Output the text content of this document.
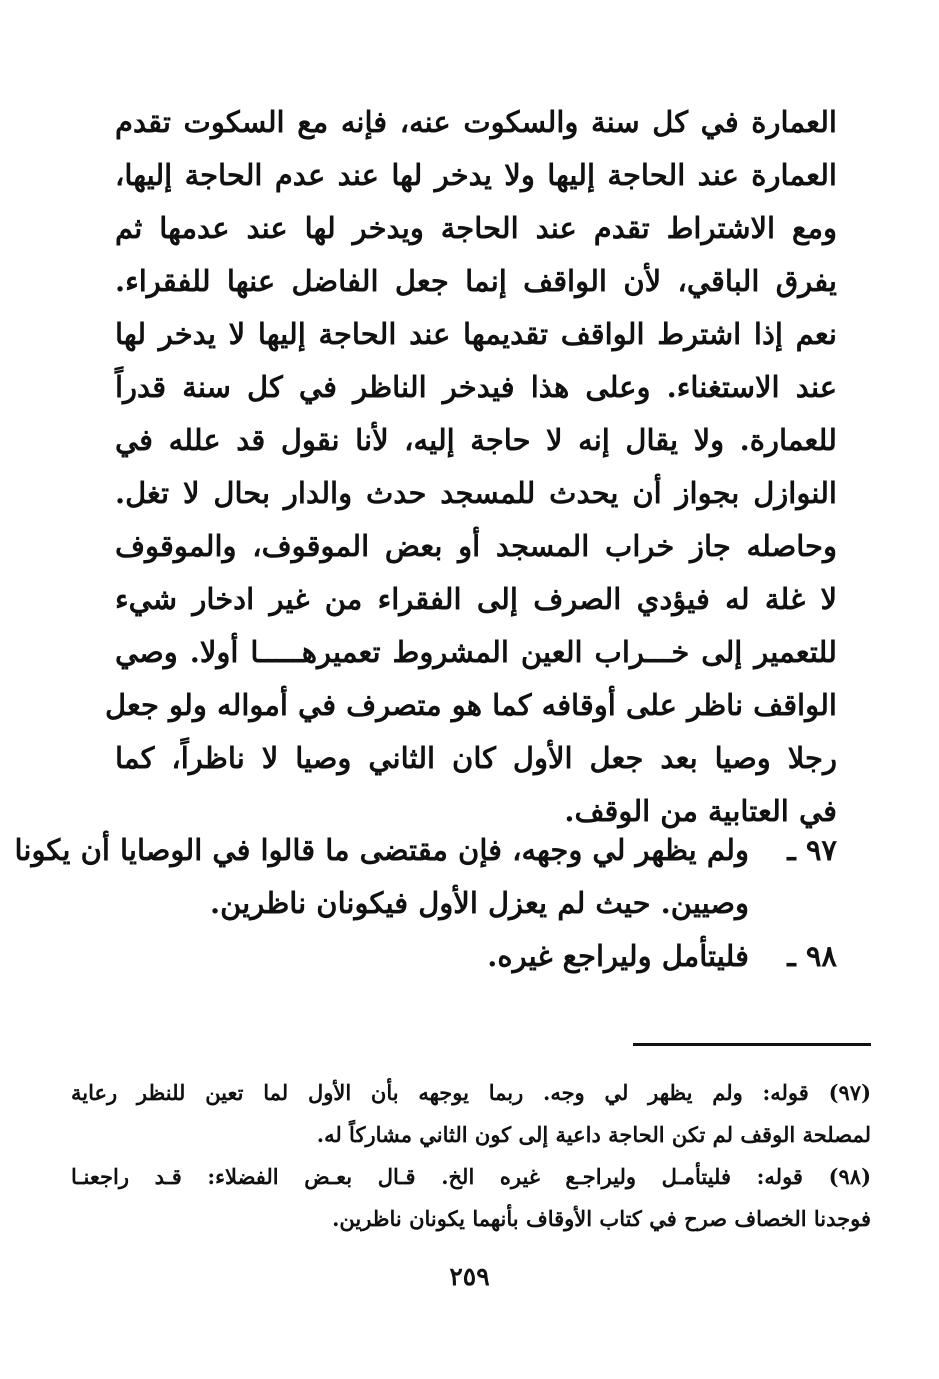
العمارة في كل سنة والسكوت عنه، فإنه مع السكوت تقدم
العمارة عند الحاجة إليها ولا يدخر لها عند عدم الحاجة إليها،
ومع الاشتراط تقدم عند الحاجة ويدخر لها عند عدمها ثم
يفرق الباقي، لأن الواقف إنما جعل الفاضل عنها للفقراء.
نعم إذا اشترط الواقف تقديمها عند الحاجة إليها لا يدخر لها
عند الاستغناء. وعلى هذا فيدخر الناظر في كل سنة قدراً
للعمارة. ولا يقال إنه لا حاجة إليه، لأنا نقول قد علله في
النوازل بجواز أن يحدث للمسجد حدث والدار بحال لا تغل.
وحاصله جاز خراب المسجد أو بعض الموقوف، والموقوف
لا غلة له فيؤدي الصرف إلى الفقراء من غير ادخار شيء
للتعمير إلى خـــراب العين المشروط تعميرهـــــا أولا. وصي
الواقف ناظر على أوقافه كما هو متصرف في أمواله ولو جعل
رجلا وصيا بعد جعل الأول كان الثاني وصيا لا ناظراً، كما
في العتابية من الوقف.
٩٧ ـ
ولم يظهر لي وجهه، فإن مقتضى ما قالوا في الوصايا أن يكونا
وصيين. حيث لم يعزل الأول فيكونان ناظرين.
٩٨ ـ
فليتأمل وليراجع غيره.
(٩٧) قوله: ولم يظهر لي وجه. ربما يوجهه بأن الأول لما تعين للنظر رعاية
لمصلحة الوقف لم تكن الحاجة داعية إلى كون الثاني مشاركاً له.
(٩٨) قوله: فليتأمـل وليراجـع غيره الخ. قـال بعـض الفضلاء: قـد راجعنـا
فوجدنا الخصاف صرح في كتاب الأوقاف بأنهما يكونان ناظرين.
٢٥٩
